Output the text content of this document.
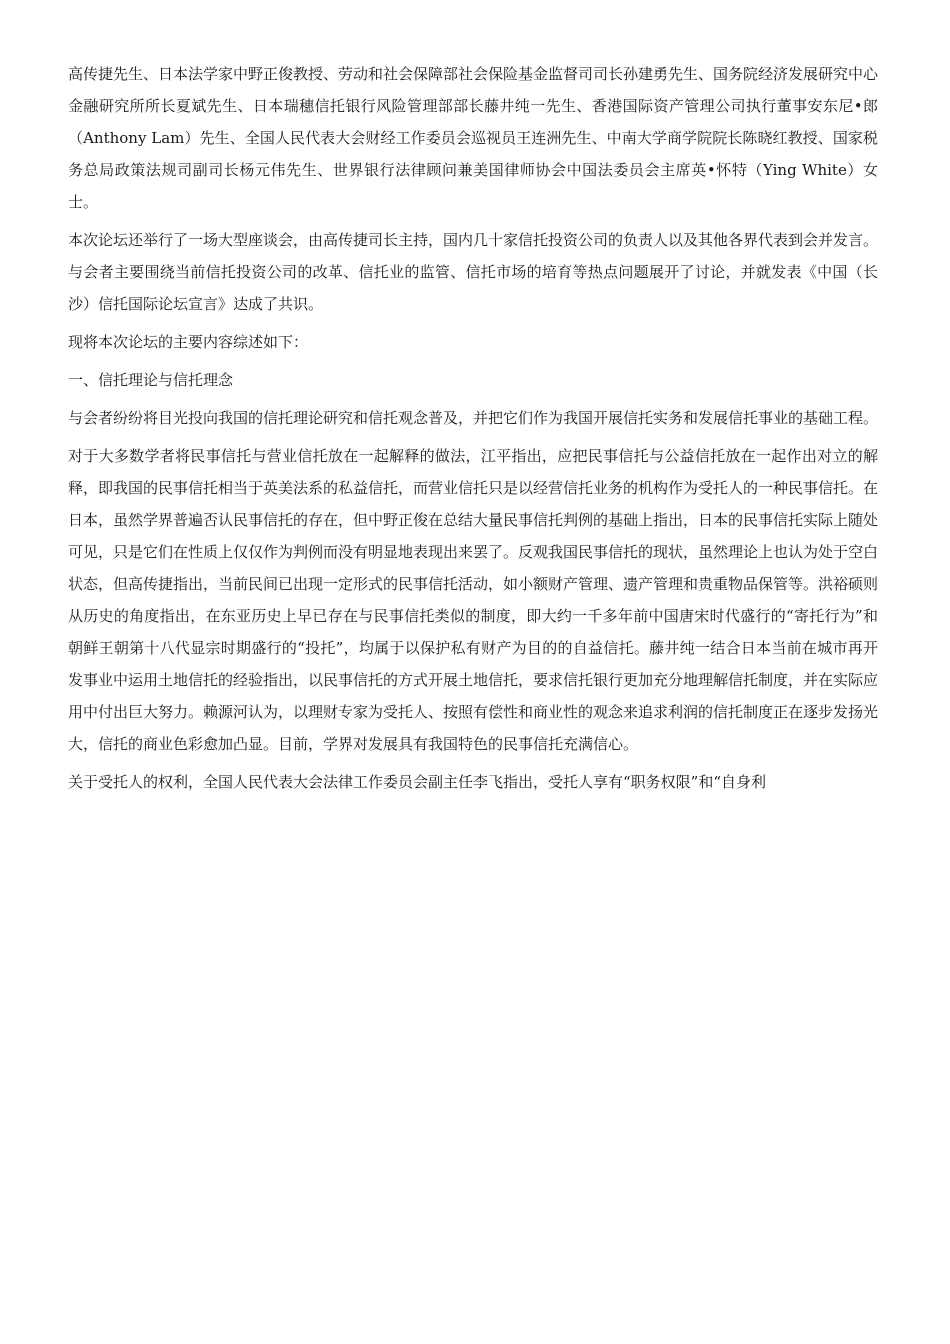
高传捷先生、日本法学家中野正俊教授、劳动和社会保障部社会保险基金监督司司长孙建勇先生、国务院经济发展研究中心金融研究所所长夏斌先生、日本瑞穗信托银行风险管理部部长藤井纯一先生、香港国际资产管理公司执行董事安东尼•郎（Anthony Lam）先生、全国人民代表大会财经工作委员会巡视员王连洲先生、中南大学商学院院长陈晓红教授、国家税务总局政策法规司副司长杨元伟先生、世界银行法律顾问兼美国律师协会中国法委员会主席英•怀特（Ying White）女士。

本次论坛还举行了一场大型座谈会，由高传捷司长主持，国内几十家信托投资公司的负责人以及其他各界代表到会并发言。与会者主要围绕当前信托投资公司的改革、信托业的监管、信托市场的培育等热点问题展开了讨论，并就发表《中国（长沙）信托国际论坛宣言》达成了共识。

现将本次论坛的主要内容综述如下：

一、信托理论与信托理念

与会者纷纷将目光投向我国的信托理论研究和信托观念普及，并把它们作为我国开展信托实务和发展信托事业的基础工程。

对于大多数学者将民事信托与营业信托放在一起解释的做法，江平指出，应把民事信托与公益信托放在一起作出对立的解释，即我国的民事信托相当于英美法系的私益信托，而营业信托只是以经营信托业务的机构作为受托人的一种民事信托。在日本，虽然学界普遍否认民事信托的存在，但中野正俊在总结大量民事信托判例的基础上指出，日本的民事信托实际上随处可见，只是它们在性质上仅仅作为判例而没有明显地表现出来罢了。反观我国民事信托的现状，虽然理论上也认为处于空白状态，但高传捷指出，当前民间已出现一定形式的民事信托活动，如小额财产管理、遗产管理和贵重物品保管等。洪裕硕则从历史的角度指出，在东亚历史上早已存在与民事信托类似的制度，即大约一千多年前中国唐宋时代盛行的“寄托行为”和朝鲜王朝第十八代显宗时期盛行的“投托”，均属于以保护私有财产为目的的自益信托。藤井纯一结合日本当前在城市再开发事业中运用土地信托的经验指出，以民事信托的方式开展土地信托，要求信托银行更加充分地理解信托制度，并在实际应用中付出巨大努力。赖源河认为，以理财专家为受托人、按照有偿性和商业性的观念来追求利润的信托制度正在逐步发扬光大，信托的商业色彩愈加凸显。目前，学界对发展具有我国特色的民事信托充满信心。

关于受托人的权利，全国人民代表大会法律工作委员会副主任李飞指出，受托人享有“职务权限”和“自身利
